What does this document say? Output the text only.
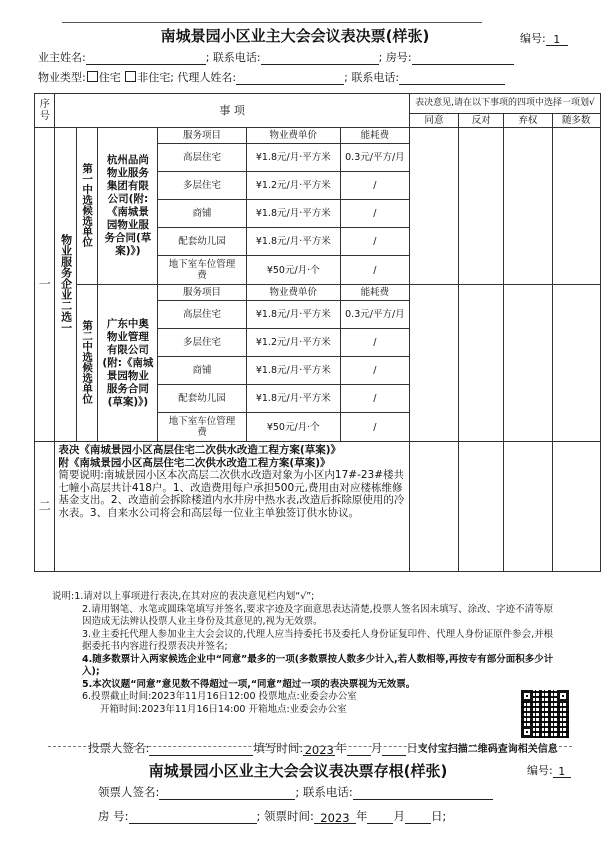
南城景园小区业主大会会议表决票(样张)	编号: 1
业主姓名:	; 联系电话:	; 房号:
物业类型: 住宅 非住宅; 代理人姓名:	; 联系电话:
序号	事 项						表决意见,请在以下事项的四项中选择一项划√			
							同意	反对	弃权	随多数
一	物业服务企业二选一	第一中选候选单位	杭州品尚物业服务集团有限公司(附:《南城景园物业服务合同(草案)》)	服务项目	物业费单价	能耗费				
				高层住宅	¥1.8元/月·平方米	0.3元/平方/月				
				多层住宅	¥1.2元/月·平方米	/				
				商铺	¥1.8元/月·平方米	/				
				配套幼儿园	¥1.8元/月·平方米	/				
				地下室车位管理费	¥50元/月·个	/				
		第二中选候选单位	广东中奥物业管理有限公司(附:《南城景园物业服务合同(草案)》)	服务项目	物业费单价	能耗费				
				高层住宅	¥1.8元/月·平方米	0.3元/平方/月				
				多层住宅	¥1.2元/月·平方米	/				
				商铺	¥1.8元/月·平方米	/				
				配套幼儿园	¥1.8元/月·平方米	/				
				地下室车位管理费	¥50元/月·个	/				
二	表决《南城景园小区高层住宅二次供水改造工程方案(草案)》
附《南城景园小区高层住宅二次供水改造工程方案(草案)》
简要说明:南城景园小区本次高层二次供水改造对象为小区内17#-23#楼共七幢小高层共计418户。1、改造费用每户承担500元,费用由对应楼栋维修基金支出。2、改造前会拆除楼道内水井房中热水表,改造后拆除原使用的冷水表。3、自来水公司将会和高层每一位业主单独签订供水协议。									

说明:1.请对以上事项进行表决,在其对应的表决意见栏内划“√”;
2.请用钢笔、水笔或圆珠笔填写并签名,要求字迹及字面意思表达清楚,投票人签名因未填写、涂改、字迹不清等原因造成无法辨认投票人业主身份及其意见的,视为无效票。
3.业主委托代理人参加业主大会会议的,代理人应当持委托书及委托人身份证复印件、代理人身份证原件参会,并根据委托书内容进行投票表决并签名;
4.随多数票计入两家候选企业中“同意”最多的一项(多数票按人数多少计入,若人数相等,再按专有部分面积多少计入);
5.本次议题“同意”意见数不得超过一项,“同意”超过一项的表决票视为无效票。
6.投票截止时间:2023年11月16日12:00 投票地点:业委会办公室
开箱时间:2023年11月16日14:00 开箱地点:业委会办公室
投票人签名:	填写时间:2023年 月 日支付宝扫描二维码查询相关信息
南城景园小区业主大会会议表决票存根(样张)	编号: 1
领票人签名:	; 联系电话:
房 号:	; 领票时间: 2023 年 月 日;
